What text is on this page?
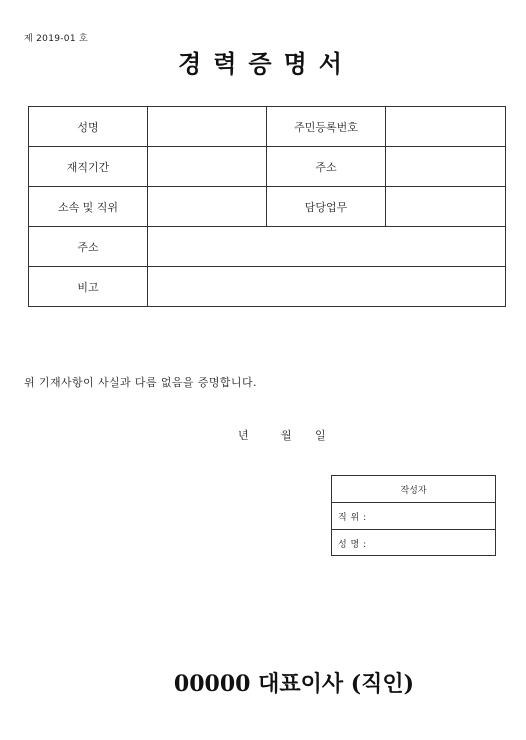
제 2019-01 호
경력증명서
성명		주민등록번호	
재직기간		주소	
소속 및 직위		담당업무	
주소			
비고			
위 기재사항이 사실과 다름 없음을 증명합니다.
년	월 일
작성자
직 위 :
성 명 :
00000 대표이사 (직인)
